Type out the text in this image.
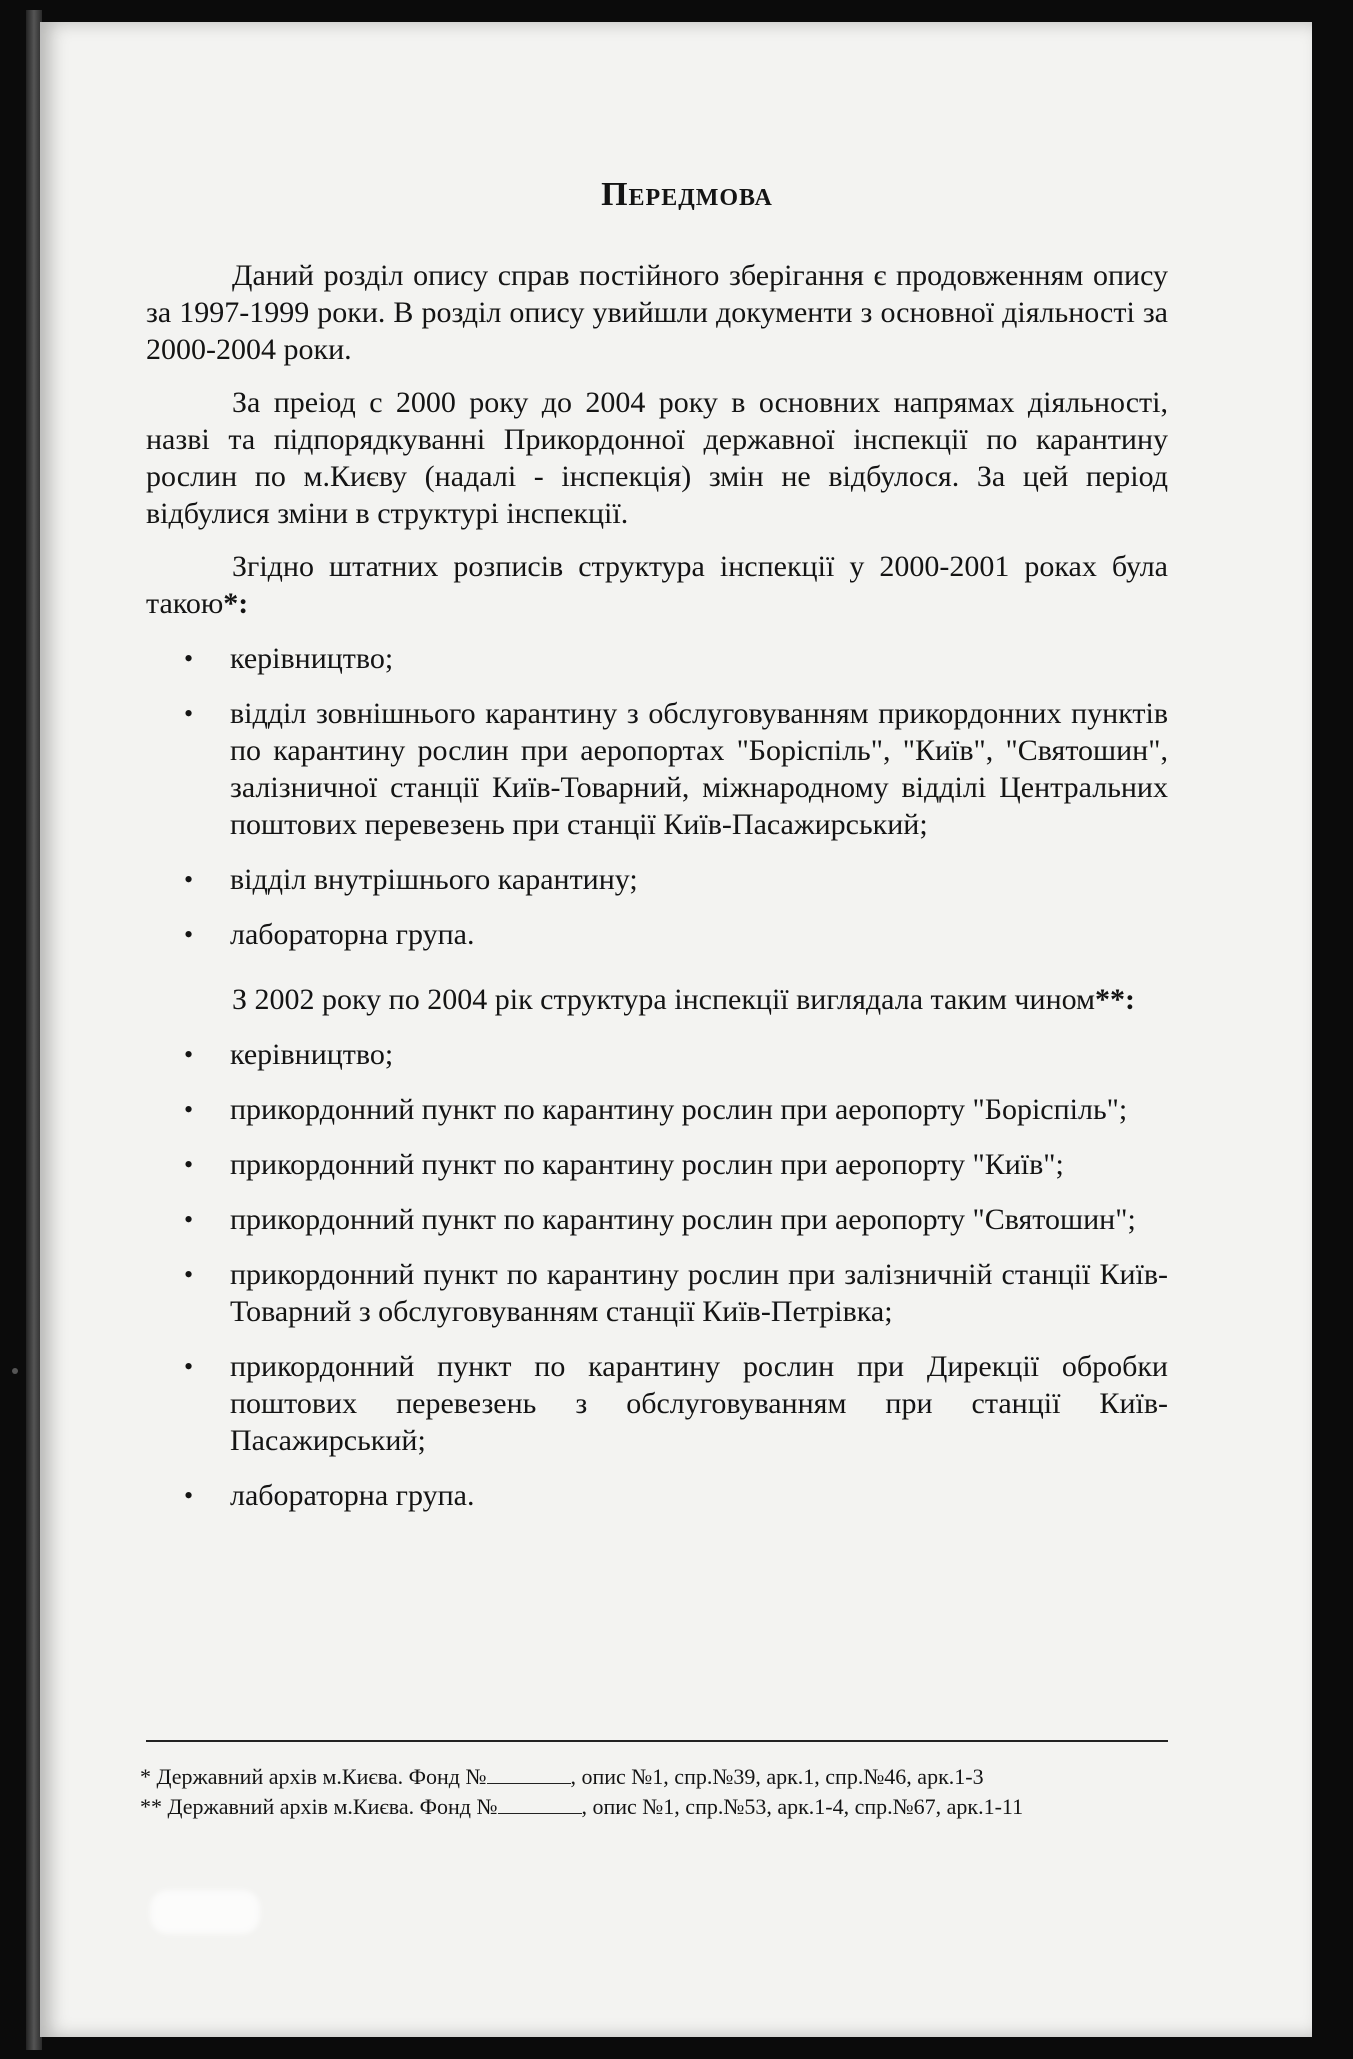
Передмова

Даний розділ опису справ постійного зберігання є продовженням опису за 1997-1999 роки. В розділ опису увийшли документи з основної діяльності за 2000-2004 роки.

За преіод с 2000 року до 2004 року в основних напрямах діяльності, назві та підпорядкуванні Прикордонної державної інспекції по карантину рослин по м.Києву (надалі - інспекція) змін не відбулося. За цей період відбулися зміни в структурі інспекції.

Згідно штатних розписів структура інспекції у 2000-2001 роках була такою*:

• керівництво;
• відділ зовнішнього карантину з обслуговуванням прикордонних пунктів по карантину рослин при аеропортах "Боріспіль", "Київ", "Святошин", залізничної станції Київ-Товарний, міжнародному відділі Центральних поштових перевезень при станції Київ-Пасажирський;
• відділ внутрішнього карантину;
• лабораторна група.

З 2002 року по 2004 рік структура інспекції виглядала таким чином**:

• керівництво;
• прикордонний пункт по карантину рослин при аеропорту "Боріспіль";
• прикордонний пункт по карантину рослин при аеропорту "Київ";
• прикордонний пункт по карантину рослин при аеропорту "Святошин";
• прикордонний пункт по карантину рослин при залізничній станції Київ-Товарний з обслуговуванням станції Київ-Петрівка;
• прикордонний пункт по карантину рослин при Дирекції обробки поштових перевезень з обслуговуванням при станції Київ-Пасажирський;
• лабораторна група.
* Державний архів м.Києва. Фонд №	, опис №1, спр.№39, арк.1, спр.№46, арк.1-3
** Державний архів м.Києва. Фонд №	, опис №1, спр.№53, арк.1-4, спр.№67, арк.1-11
